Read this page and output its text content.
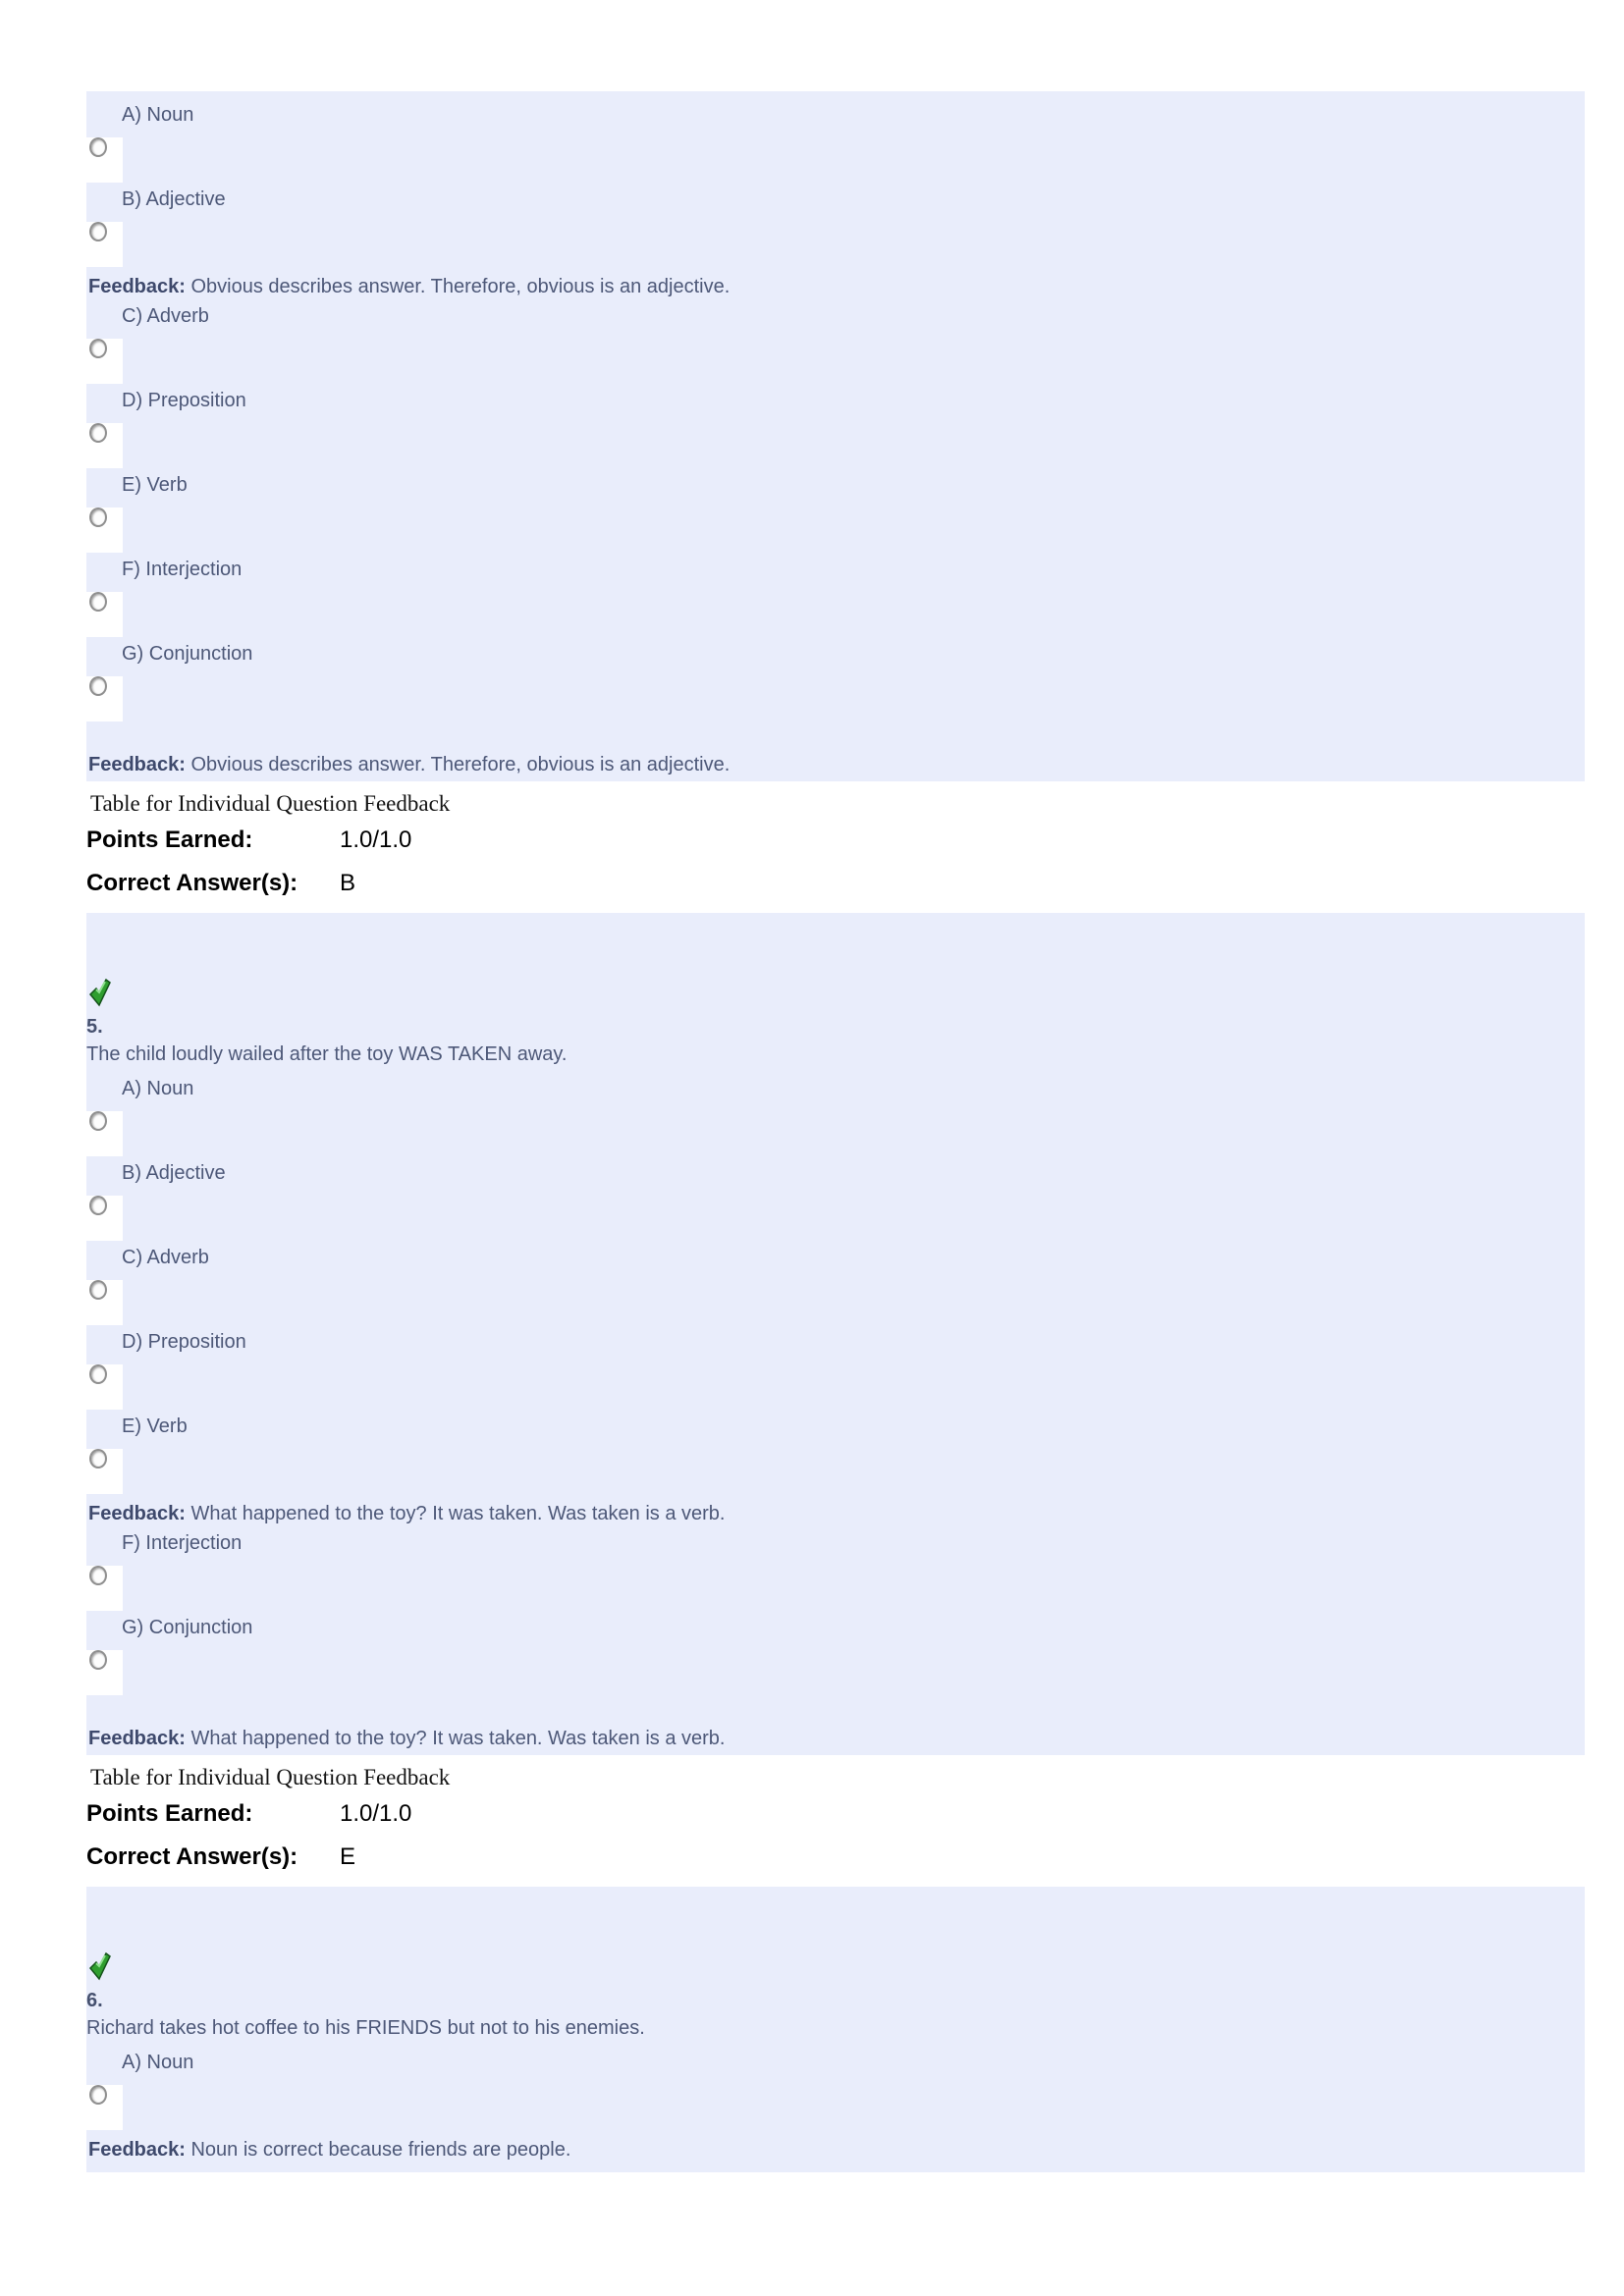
A) Noun
B) Adjective
Feedback: Obvious describes answer. Therefore, obvious is an adjective.
C) Adverb
D) Preposition
E) Verb
F) Interjection
G) Conjunction
Feedback: Obvious describes answer. Therefore, obvious is an adjective.
Table for Individual Question Feedback
Points Earned:	1.0/1.0
Correct Answer(s): B
5.
The child loudly wailed after the toy WAS TAKEN away.
A) Noun
B) Adjective
C) Adverb
D) Preposition
E) Verb
Feedback: What happened to the toy? It was taken. Was taken is a verb.
F) Interjection
G) Conjunction
Feedback: What happened to the toy? It was taken. Was taken is a verb.
Table for Individual Question Feedback
Points Earned:	1.0/1.0
Correct Answer(s): E
6.
Richard takes hot coffee to his FRIENDS but not to his enemies.
A) Noun
Feedback: Noun is correct because friends are people.
